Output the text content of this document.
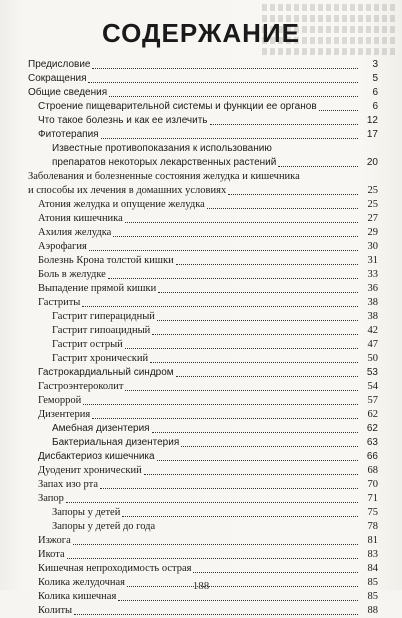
СОДЕРЖАНИЕ
Предисловие	3
Сокращения	5
Общие сведения	6
Строение пищеварительной системы и функции ее органов	6
Что такое болезнь и как ее излечить	12
Фитотерапия	17
Известные противопоказания к использованию
препаратов некоторых лекарственных растений	20
Заболевания и болезненные состояния желудка и кишечника
и способы их лечения в домашних условиях	25
Атония желудка и опущение желудка	25
Атония кишечника	27
Ахилия желудка	29
Аэрофагия	30
Болезнь Крона толстой кишки	31
Боль в желудке	33
Выпадение прямой кишки	36
Гастриты	38
Гастрит гиперацидный	38
Гастрит гипоацидный	42
Гастрит острый	47
Гастрит хронический	50
Гастрокардиальный синдром	53
Гастроэнтероколит	54
Геморрой	57
Дизентерия	62
Амебная дизентерия	62
Бактериальная дизентерия	63
Дисбактериоз кишечника	66
Дуоденит хронический	68
Запах изо рта	70
Запор	71
Запоры у детей	75
Запоры у детей до года	78
Изжога	81
Икота	83
Кишечная непроходимость острая	84
Колика желудочная	85
Колика кишечная	85
Колиты	88
188
